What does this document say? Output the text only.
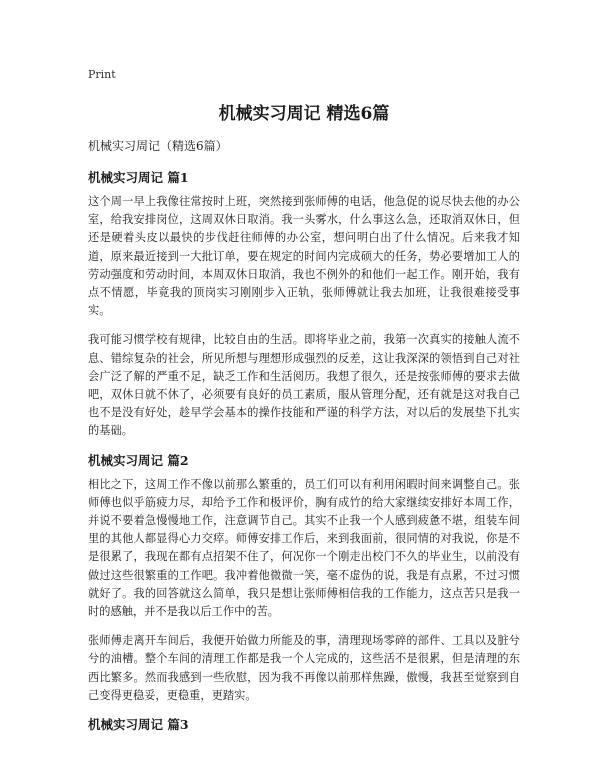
Print
机械实习周记 精选6篇
机械实习周记（精选6篇）
机械实习周记 篇1

这个周一早上我像往常按时上班，突然接到张师傅的电话，他急促的说尽快去他的办公室，给我安排岗位，这周双休日取消。我一头雾水，什么事这么急，还取消双休日，但还是硬着头皮以最快的步伐赶往师傅的办公室，想问明白出了什么情况。后来我才知道，原来最近接到一大批订单，要在规定的时间内完成硕大的任务，势必要增加工人的劳动强度和劳动时间，本周双休日取消，我也不例外的和他们一起工作。刚开始，我有点不情愿，毕竟我的顶岗实习刚刚步入正轨，张师傅就让我去加班，让我很难接受事实。

我可能习惯学校有规律，比较自由的生活。即将毕业之前，我第一次真实的接触人流不息、错综复杂的社会，所见所想与理想形成强烈的反差，这让我深深的领悟到自己对社会广泛了解的严重不足，缺乏工作和生活阅历。我想了很久，还是按张师傅的要求去做吧，双休日就不休了，必须要有良好的员工素质，服从管理分配，还有就是这对我自己也不是没有好处，趁早学会基本的操作技能和严谨的科学方法，对以后的发展垫下扎实的基础。

机械实习周记 篇2

相比之下，这周工作不像以前那么繁重的，员工们可以有利用闲暇时间来调整自己。张师傅也似乎筋疲力尽，却给予工作和极评价，胸有成竹的给大家继续安排好本周工作，并说不要着急慢慢地工作，注意调节自己。其实不止我一个人感到疲惫不堪，组装车间里的其他人都显得心力交瘁。师傅安排工作后，来到我面前，很同情的对我说，你是不是很累了，我现在都有点招架不住了，何况你一个刚走出校门不久的毕业生，以前没有做过这些很繁重的工作吧。我冲着他微微一笑，毫不虚伪的说，我是有点累，不过习惯就好了。我的回答就这么简单，我只是想让张师傅相信我的工作能力，这点苦只是我一时的感触，并不是我以后工作中的苦。

张师傅走离开车间后，我便开始做力所能及的事，清理现场零碎的部件、工具以及脏兮兮的油槽。整个车间的清理工作都是我一个人完成的，这些活不是很累，但是清理的东西比繁多。然而我感到一些欣慰，因为我不再像以前那样焦躁，傲慢，我甚至觉察到自己变得更稳妥，更稳重，更踏实。

机械实习周记 篇3
